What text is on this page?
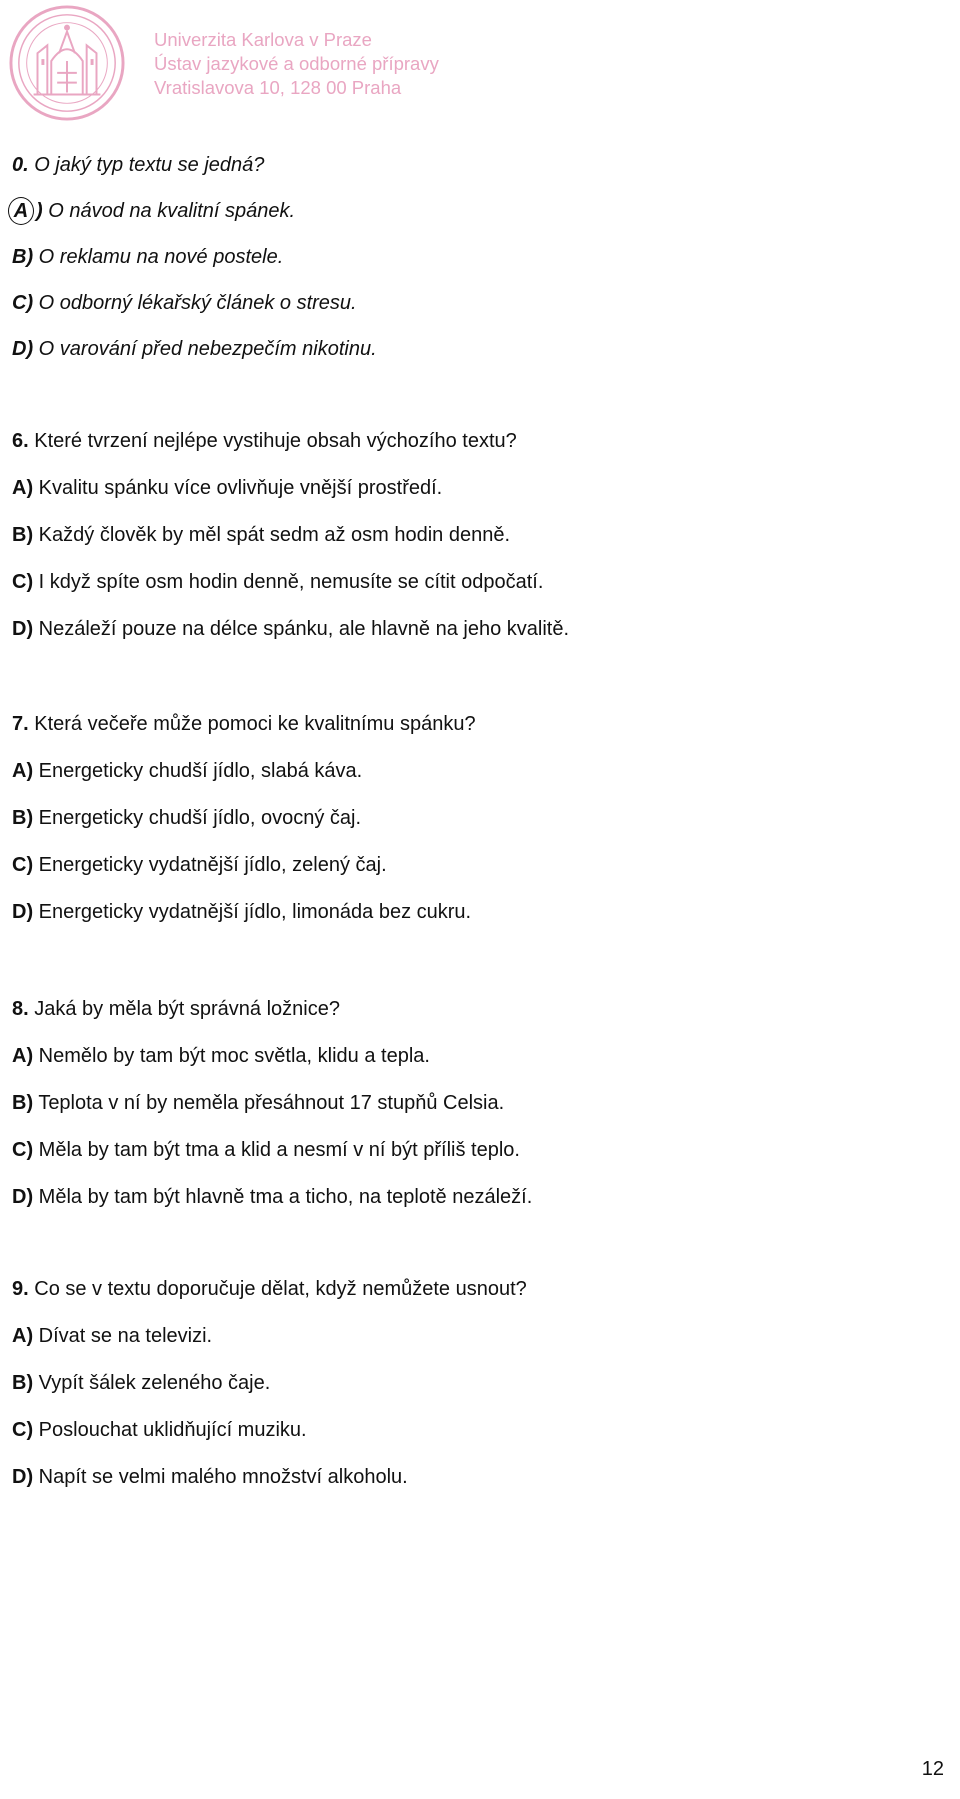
Univerzita Karlova v Praze
Ústav jazykové a odborné přípravy
Vratislavova 10, 128 00 Praha
0. O jaký typ textu se jedná?
A ) O návod na kvalitní spánek.
B) O reklamu na nové postele.
C) O odborný lékařský článek o stresu.
D) O varování před nebezpečím nikotinu.
6. Které tvrzení nejlépe vystihuje obsah výchozího textu?
A) Kvalitu spánku více ovlivňuje vnější prostředí.
B) Každý člověk by měl spát sedm až osm hodin denně.
C) I když spíte osm hodin denně, nemusíte se cítit odpočatí.
D) Nezáleží pouze na délce spánku, ale hlavně na jeho kvalitě.
7. Která večeře může pomoci ke kvalitnímu spánku?
A) Energeticky chudší jídlo, slabá káva.
B) Energeticky chudší jídlo, ovocný čaj.
C) Energeticky vydatnější jídlo, zelený čaj.
D) Energeticky vydatnější jídlo, limonáda bez cukru.
8. Jaká by měla být správná ložnice?
A) Nemělo by tam být moc světla, klidu a tepla.
B) Teplota v ní by neměla přesáhnout 17 stupňů Celsia.
C) Měla by tam být tma a klid a nesmí v ní být příliš teplo.
D) Měla by tam být hlavně tma a ticho, na teplotě nezáleží.
9. Co se v textu doporučuje dělat, když nemůžete usnout?
A) Dívat se na televizi.
B) Vypít šálek zeleného čaje.
C) Poslouchat uklidňující muziku.
D) Napít se velmi malého množství alkoholu.
12
